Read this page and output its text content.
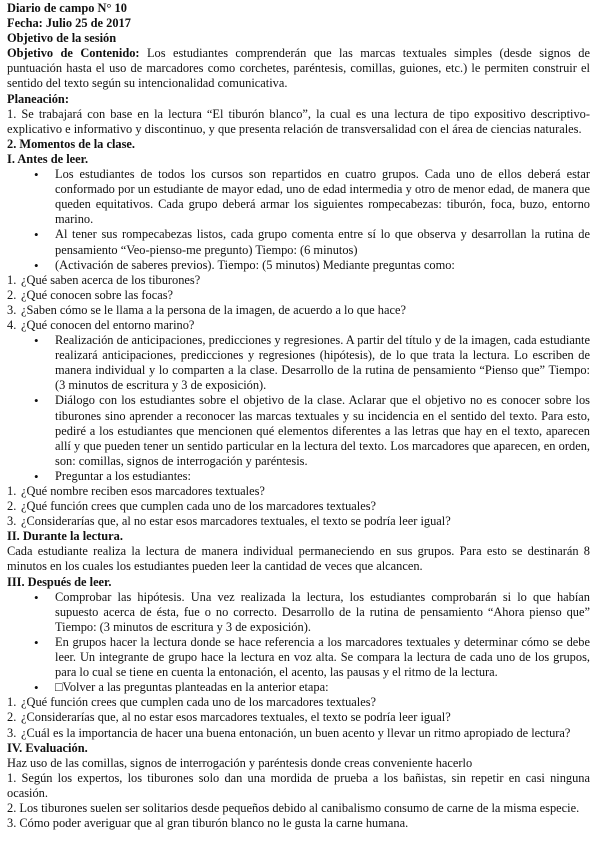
Diario de campo N° 10

Fecha: Julio 25 de 2017

Objetivo de la sesión

Objetivo de Contenido: Los estudiantes comprenderán que las marcas textuales simples (desde signos de puntuación hasta el uso de marcadores como corchetes, paréntesis, comillas, guiones, etc.) le permiten construir el sentido del texto según su intencionalidad comunicativa.

Planeación:

1. Se trabajará con base en la lectura “El tiburón blanco”, la cual es una lectura de tipo expositivo descriptivo-explicativo e informativo y discontinuo, y que presenta relación de transversalidad con el área de ciencias naturales.

2. Momentos de la clase.

I. Antes de leer.

• Los estudiantes de todos los cursos son repartidos en cuatro grupos. Cada uno de ellos deberá estar conformado por un estudiante de mayor edad, uno de edad intermedia y otro de menor edad, de manera que queden equitativos. Cada grupo deberá armar los siguientes rompecabezas: tiburón, foca, buzo, entorno marino.
• Al tener sus rompecabezas listos, cada grupo comenta entre sí lo que observa y desarrollan la rutina de pensamiento “Veo-pienso-me pregunto) Tiempo: (6 minutos)
• (Activación de saberes previos). Tiempo: (5 minutos) Mediante preguntas como:
1. ¿Qué saben acerca de los tiburones?
2. ¿Qué conocen sobre las focas?
3. ¿Saben cómo se le llama a la persona de la imagen, de acuerdo a lo que hace?
4. ¿Qué conocen del entorno marino?
• Realización de anticipaciones, predicciones y regresiones. A partir del título y de la imagen, cada estudiante realizará anticipaciones, predicciones y regresiones (hipótesis), de lo que trata la lectura. Lo escriben de manera individual y lo comparten a la clase. Desarrollo de la rutina de pensamiento “Pienso que” Tiempo: (3 minutos de escritura y 3 de exposición).
• Diálogo con los estudiantes sobre el objetivo de la clase. Aclarar que el objetivo no es conocer sobre los tiburones sino aprender a reconocer las marcas textuales y su incidencia en el sentido del texto. Para esto, pediré a los estudiantes que mencionen qué elementos diferentes a las letras que hay en el texto, aparecen allí y que pueden tener un sentido particular en la lectura del texto. Los marcadores que aparecen, en orden, son: comillas, signos de interrogación y paréntesis.
• Preguntar a los estudiantes:
1. ¿Qué nombre reciben esos marcadores textuales?
2. ¿Qué función crees que cumplen cada uno de los marcadores textuales?
3. ¿Considerarías que, al no estar esos marcadores textuales, el texto se podría leer igual?

II. Durante la lectura.

Cada estudiante realiza la lectura de manera individual permaneciendo en sus grupos. Para esto se destinarán 8 minutos en los cuales los estudiantes pueden leer la cantidad de veces que alcancen.

III. Después de leer.

• Comprobar las hipótesis. Una vez realizada la lectura, los estudiantes comprobarán si lo que habían supuesto acerca de ésta, fue o no correcto. Desarrollo de la rutina de pensamiento “Ahora pienso que” Tiempo: (3 minutos de escritura y 3 de exposición).
• En grupos hacer la lectura donde se hace referencia a los marcadores textuales y determinar cómo se debe leer. Un integrante de grupo hace la lectura en voz alta. Se compara la lectura de cada uno de los grupos, para lo cual se tiene en cuenta la entonación, el acento, las pausas y el ritmo de la lectura.
• □Volver a las preguntas planteadas en la anterior etapa:
1. ¿Qué función crees que cumplen cada uno de los marcadores textuales?
2. ¿Considerarías que, al no estar esos marcadores textuales, el texto se podría leer igual?
3. ¿Cuál es la importancia de hacer una buena entonación, un buen acento y llevar un ritmo apropiado de lectura?

IV. Evaluación.

Haz uso de las comillas, signos de interrogación y paréntesis donde creas conveniente hacerlo

1. Según los expertos, los tiburones solo dan una mordida de prueba a los bañistas, sin repetir en casi ninguna ocasión.

2. Los tiburones suelen ser solitarios desde pequeños debido al canibalismo consumo de carne de la misma especie.

3. Cómo poder averiguar que al gran tiburón blanco no le gusta la carne humana.
